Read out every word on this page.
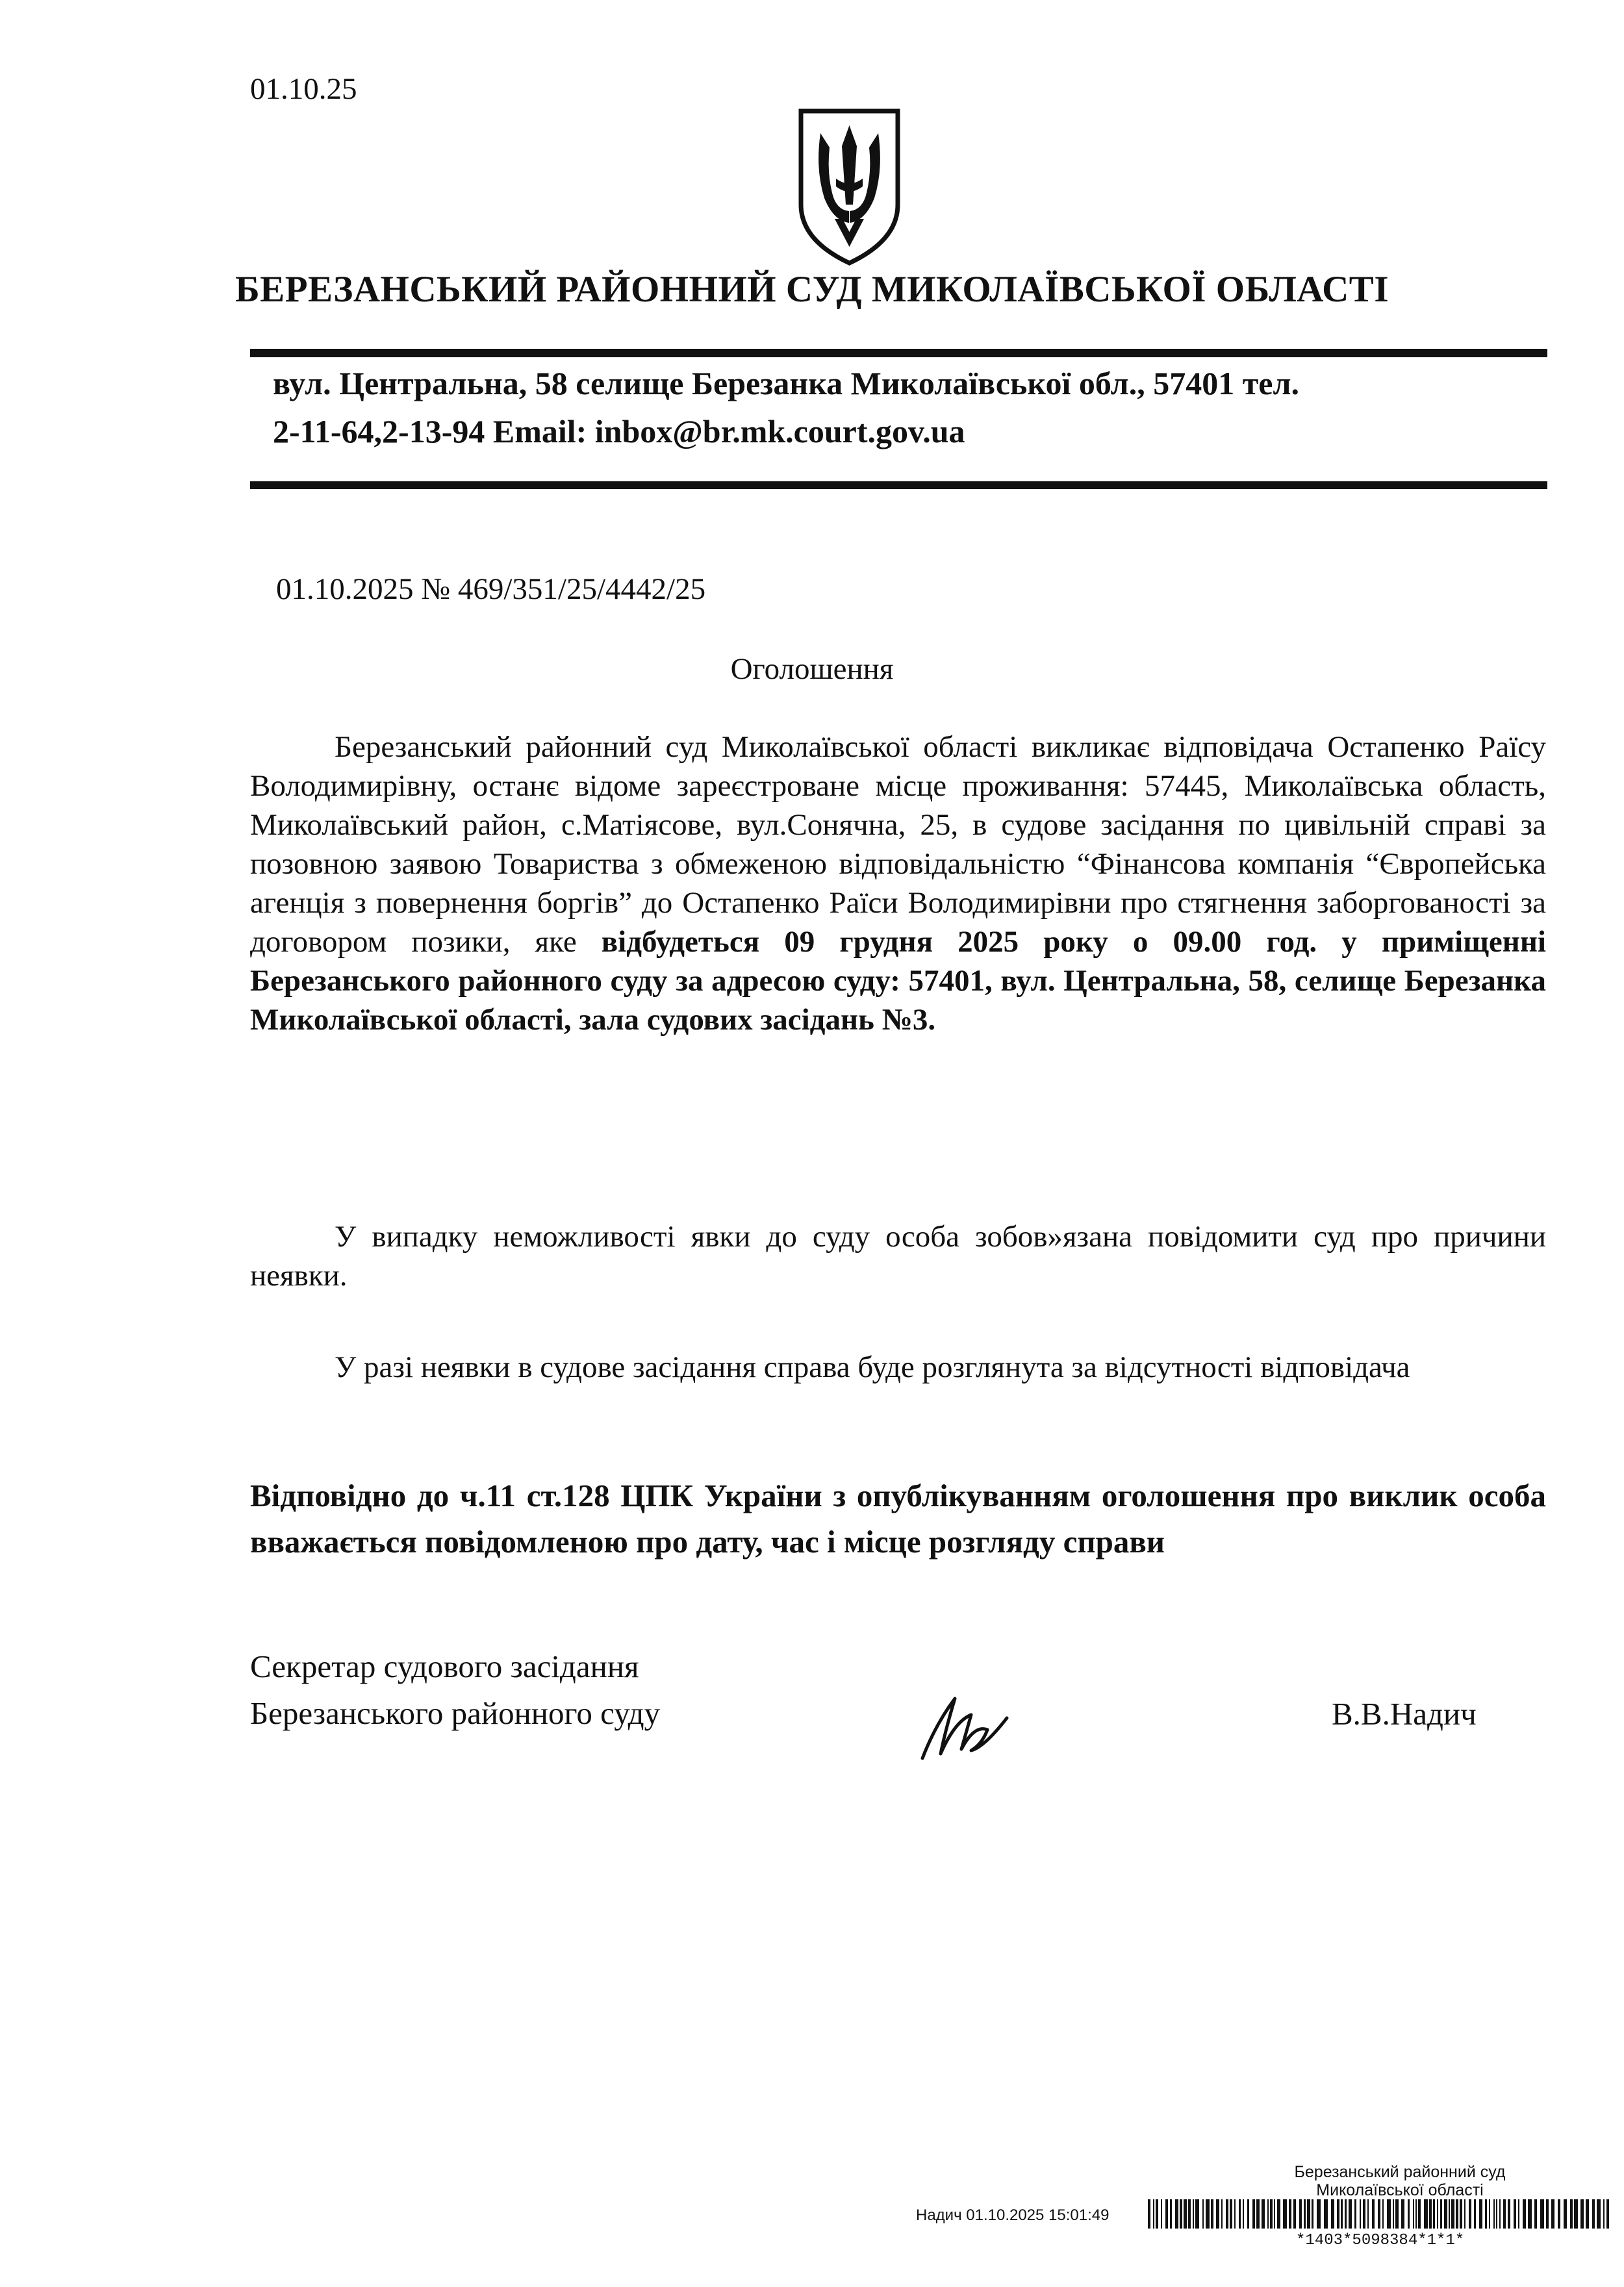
01.10.25
БЕРЕЗАНСЬКИЙ РАЙОННИЙ СУД МИКОЛАЇВСЬКОЇ ОБЛАСТІ
вул. Центральна, 58 селище Березанка Миколаївської обл., 57401 тел.
2-11-64,2-13-94 Email: inbox@br.mk.court.gov.ua
01.10.2025 № 469/351/25/4442/25
Оголошення
Березанський районний суд Миколаївської області викликає відповідача Остапенко Раїсу Володимирівну, останє відоме зареєстроване місце проживання: 57445, Миколаївська область, Миколаївський район, с.Матіясове, вул.Сонячна, 25, в судове засідання по цивільній справі за позовною заявою Товариства з обмеженою відповідальністю “Фінансова компанія “Європейська агенція з повернення боргів” до Остапенко Раїси Володимирівни про стягнення заборгованості за договором позики, яке відбудеться 09 грудня 2025 року о 09.00 год. у приміщенні Березанського районного суду за адресою суду: 57401, вул. Центральна, 58, селище Березанка Миколаївської області, зала судових засідань №3.
У випадку неможливості явки до суду особа зобов»язана повідомити суд про причини неявки.
У разі неявки в судове засідання справа буде розглянута за відсутності відповідача
Відповідно до ч.11 ст.128 ЦПК України з опублікуванням оголошення про виклик особа вважається повідомленою про дату, час і місце розгляду справи
Секретар судового засідання
Березанського районного суду	В.В.Надич
Березанський районний суд
Миколаївської області
Надич 01.10.2025 15:01:49
*1403*5098384*1*1*
